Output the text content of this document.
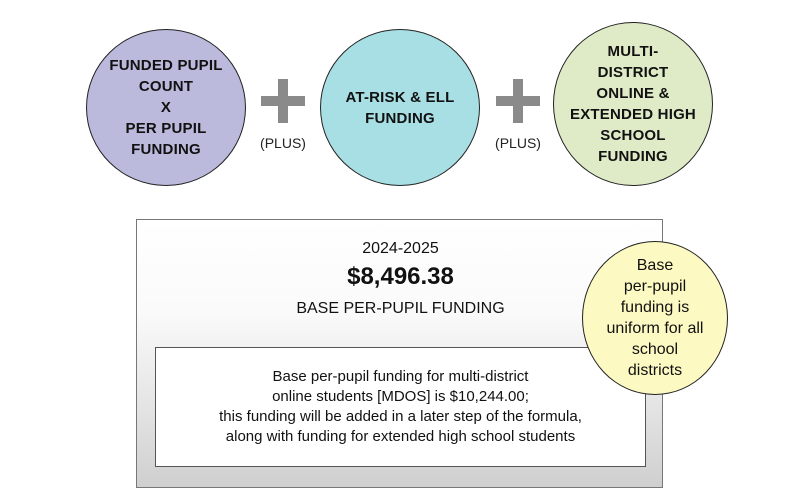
FUNDED PUPIL
COUNT
X
PER PUPIL
FUNDING	(PLUS)
AT-RISK & ELL
FUNDING
(PLUS)
MULTI-
DISTRICT
ONLINE &
EXTENDED HIGH
SCHOOL
FUNDING
2024-2025
$8,496.38
BASE PER-PUPIL FUNDING
Base per-pupil funding for multi-district
online students [MDOS] is $10,244.00;
this funding will be added in a later step of the formula,
along with funding for extended high school students
Base
per-pupil
funding is
uniform for all
school
districts
